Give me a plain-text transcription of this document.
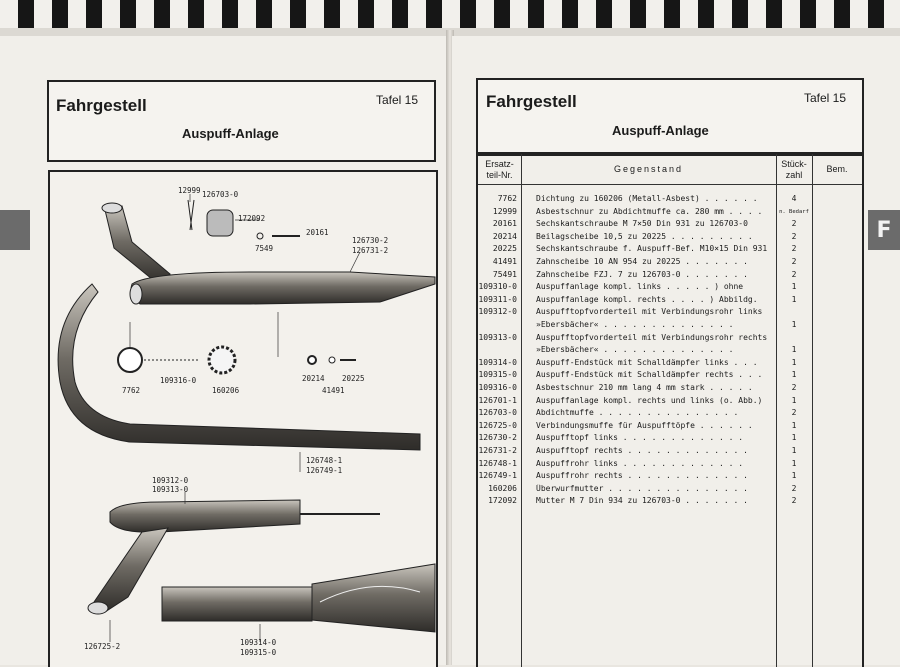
Fahrgestell	Tafel 15
Auspuff-Anlage
12999 126703-0
172092
20161
7549
126730-2
126731-2
7762
109316-0
160206
20214 20225
41491
126748-1
126749-1
109312-0
109313-0
126725-2	109314-0
109315-0
F
Fahrgestell	Tafel 15
Auspuff-Anlage
Ersatz-
teil-Nr.
Gegenstand	Stück-
zahl
Bem.
7762 Dichtung zu 160206 (Metall-Asbest) . . . . . .	4
12999 Asbestschnur zu Abdichtmuffe ca. 280 mm . . . .	n. Bedarf
20161 Sechskantschraube M 7×50 Din 931 zu 126703-0	2
20214 Beilagscheibe 10,5 zu 20225 . . . . . . . . .	2
20225 Sechskantschraube f. Auspuff-Bef. M10×15 Din 931	2
41491 Zahnscheibe 10 AN 954 zu 20225 . . . . . . .	2
75491 Zahnscheibe FZJ. 7 zu 126703-0 . . . . . . .	2
109310-0 Auspuffanlage kompl. links . . . . . ) ohne	1
109311-0 Auspuffanlage kompl. rechts . . . . ) Abbildg.	1
109312-0 Auspufftopfvorderteil mit Verbindungsrohr links
»Ebersbächer« . . . . . . . . . . . . . .	1
109313-0 Auspufftopfvorderteil mit Verbindungsrohr rechts
»Ebersbächer« . . . . . . . . . . . . . .	1
109314-0 Auspuff-Endstück mit Schalldämpfer links . . .	1
109315-0 Auspuff-Endstück mit Schalldämpfer rechts . . .	1
109316-0 Asbestschnur 210 mm lang 4 mm stark . . . . .	2
126701-1 Auspuffanlage kompl. rechts und links (o. Abb.)	1
126703-0 Abdichtmuffe . . . . . . . . . . . . . . .	2
126725-0 Verbindungsmuffe für Auspufftöpfe . . . . . .	1
126730-2 Auspufftopf links . . . . . . . . . . . . .	1
126731-2 Auspufftopf rechts . . . . . . . . . . . . .	1
126748-1 Auspuffrohr links . . . . . . . . . . . . .	1
126749-1 Auspuffrohr rechts . . . . . . . . . . . . .	1
160206 Überwurfmutter . . . . . . . . . . . . . . .	2
172092 Mutter M 7 Din 934 zu 126703-0 . . . . . . .	2
